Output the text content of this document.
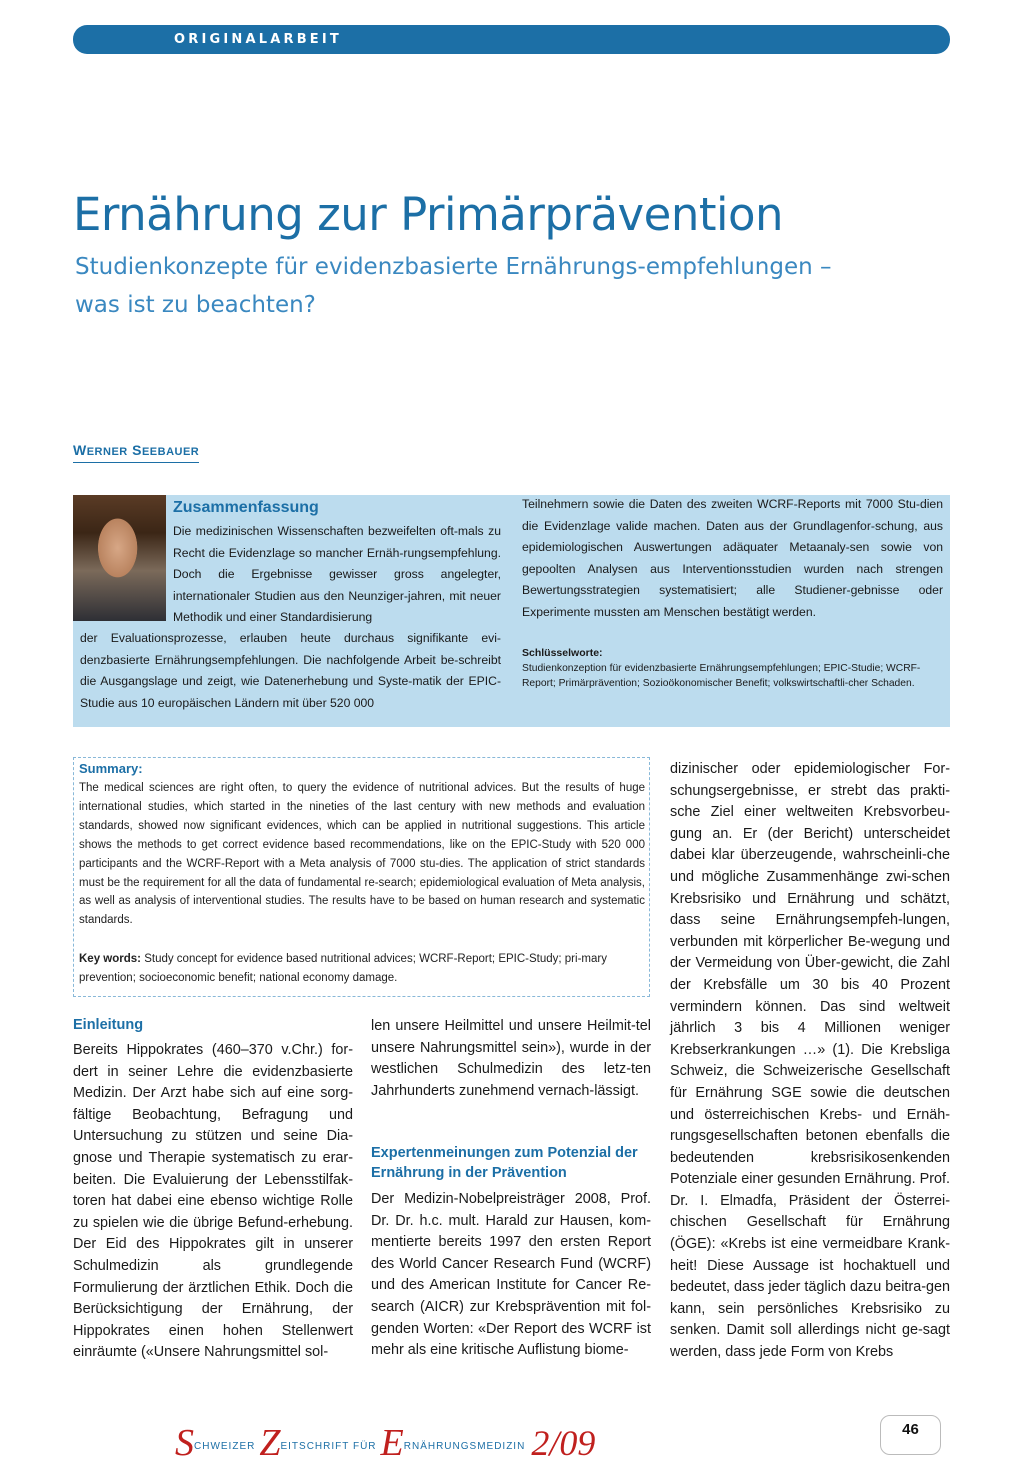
ORIGINALARBEIT
Ernährung zur Primärprävention

Studienkonzepte für evidenzbasierte Ernährungs-empfehlungen – was ist zu beachten?

WERNER SEEBAUER
Zusammenfassung

Die medizinischen Wissenschaften bezweifelten oft-mals zu Recht die Evidenzlage so mancher Ernäh-rungsempfehlung. Doch die Ergebnisse gewisser gross angelegter, internationaler Studien aus den Neunziger-jahren, mit neuer Methodik und einer Standardisierung

der Evaluationsprozesse, erlauben heute durchaus signifikante evi-denzbasierte Ernährungsempfehlungen. Die nachfolgende Arbeit be-schreibt die Ausgangslage und zeigt, wie Datenerhebung und Syste-matik der EPIC-Studie aus 10 europäischen Ländern mit über 520 000

Teilnehmern sowie die Daten des zweiten WCRF-Reports mit 7000 Stu-dien die Evidenzlage valide machen. Daten aus der Grundlagenfor-schung, aus epidemiologischen Auswertungen adäquater Metaanaly-sen sowie von gepoolten Analysen aus Interventionsstudien wurden nach strengen Bewertungsstrategien systematisiert; alle Studiener-gebnisse oder Experimente mussten am Menschen bestätigt werden.

Schlüsselworte:

Studienkonzeption für evidenzbasierte Ernährungsempfehlungen; EPIC-Studie; WCRF-Report; Primärprävention; Sozioökonomischer Benefit; volkswirtschaftli-cher Schaden.

Summary:

The medical sciences are right often, to query the evidence of nutritional advices. But the results of huge international studies, which started in the nineties of the last century with new methods and evaluation standards, showed now significant evidences, which can be applied in nutritional suggestions. This article shows the methods to get correct evidence based recommendations, like on the EPIC-Study with 520 000 participants and the WCRF-Report with a Meta analysis of 7000 stu-dies. The application of strict standards must be the requirement for all the data of fundamental re-search; epidemiological evaluation of Meta analysis, as well as analysis of interventional studies. The results have to be based on human research and systematic standards.

Key words: Study concept for evidence based nutritional advices; WCRF-Report; EPIC-Study; pri-mary prevention; socioeconomic benefit; national economy damage.

Einleitung

Bereits Hippokrates (460–370 v.Chr.) for-dert in seiner Lehre die evidenzbasierte Medizin. Der Arzt habe sich auf eine sorg-fältige Beobachtung, Befragung und Untersuchung zu stützen und seine Dia-gnose und Therapie systematisch zu erar-beiten. Die Evaluierung der Lebensstilfak-toren hat dabei eine ebenso wichtige Rolle zu spielen wie die übrige Befund-erhebung. Der Eid des Hippokrates gilt in unserer Schulmedizin als grundlegende Formulierung der ärztlichen Ethik. Doch die Berücksichtigung der Ernährung, der Hippokrates einen hohen Stellenwert einräumte («Unsere Nahrungsmittel sol-

len unsere Heilmittel und unsere Heilmit-tel unsere Nahrungsmittel sein»), wurde in der westlichen Schulmedizin des letz-ten Jahrhunderts zunehmend vernach-lässigt.

Expertenmeinungen zum Potenzial der Ernährung in der Prävention

Der Medizin-Nobelpreisträger 2008, Prof. Dr. Dr. h.c. mult. Harald zur Hausen, kom-mentierte bereits 1997 den ersten Report des World Cancer Research Fund (WCRF) und des American Institute for Cancer Re-search (AICR) zur Krebsprävention mit fol-genden Worten: «Der Report des WCRF ist mehr als eine kritische Auflistung biome-

dizinischer oder epidemiologischer For-schungsergebnisse, er strebt das prakti-sche Ziel einer weltweiten Krebsvorbeu-gung an. Er (der Bericht) unterscheidet dabei klar überzeugende, wahrscheinli-che und mögliche Zusammenhänge zwi-schen Krebsrisiko und Ernährung und schätzt, dass seine Ernährungsempfeh-lungen, verbunden mit körperlicher Be-wegung und der Vermeidung von Über-gewicht, die Zahl der Krebsfälle um 30 bis 40 Prozent vermindern können. Das sind weltweit jährlich 3 bis 4 Millionen weniger Krebserkrankungen …» (1). Die Krebsliga Schweiz, die Schweizerische Gesellschaft für Ernährung SGE sowie die deutschen und österreichischen Krebs- und Ernäh-rungsgesellschaften betonen ebenfalls die bedeutenden krebsrisikosenkenden Potenziale einer gesunden Ernährung. Prof. Dr. I. Elmadfa, Präsident der Österrei-chischen Gesellschaft für Ernährung (ÖGE): «Krebs ist eine vermeidbare Krank-heit! Diese Aussage ist hochaktuell und bedeutet, dass jeder täglich dazu beitra-gen kann, sein persönliches Krebsrisiko zu senken. Damit soll allerdings nicht ge-sagt werden, dass jede Form von Krebs

$S^{CHWEIZER}$ $Z^{EITSCHRIFT FÜR}$ $E^{RNÄHRUNGSMEDIZIN}$ 2/09	46
